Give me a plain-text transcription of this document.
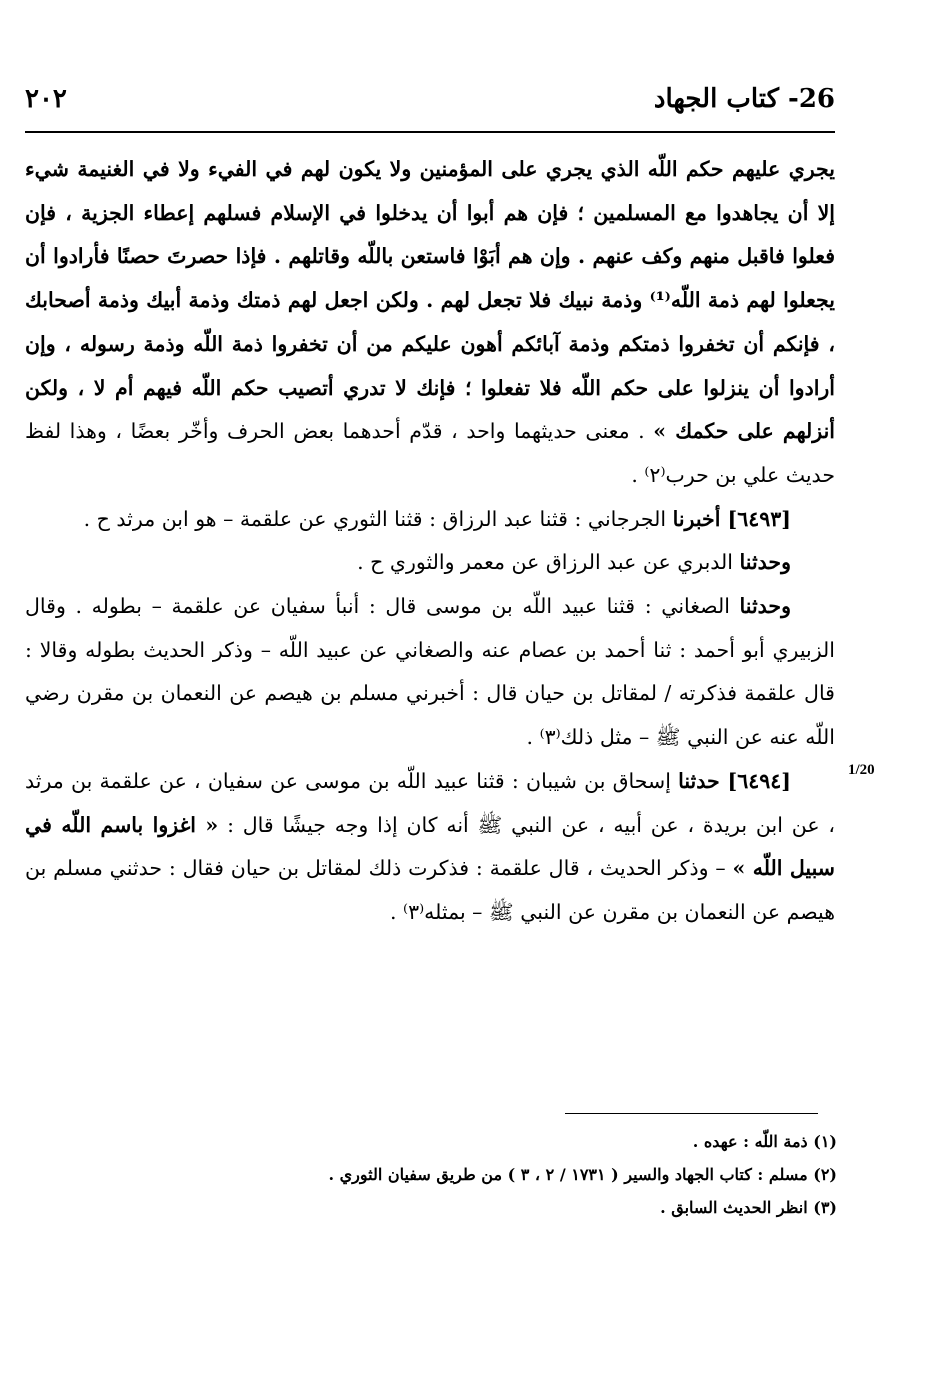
26- كتاب الجهاد
٢٠٢
1/20

يجري عليهم حكم اللّه الذي يجري على المؤمنين ولا يكون لهم في الفيء ولا في الغنيمة شيء إلا أن يجاهدوا مع المسلمين ؛ فإن هم أبوا أن يدخلوا في الإسلام فسلهم إعطاء الجزية ، فإن فعلوا فاقبل منهم وكف عنهم . وإن هم أبَوْا فاستعن باللّه وقاتلهم . فإذا حصرتَ حصنًا فأرادوا أن يجعلوا لهم ذمة اللّه⁽¹⁾ وذمة نبيك فلا تجعل لهم . ولكن اجعل لهم ذمتك وذمة أبيك وذمة أصحابك ، فإنكم أن تخفروا ذمتكم وذمة آبائكم أهون عليكم من أن تخفروا ذمة اللّه وذمة رسوله ، وإن أرادوا أن ينزلوا على حكم اللّه فلا تفعلوا ؛ فإنك لا تدري أتصيب حكم اللّه فيهم أم لا ، ولكن أنزلهم على حكمك » . معنى حديثهما واحد ، قدّم أحدهما بعض الحرف وأخّر بعضًا ، وهذا لفظ حديث علي بن حرب⁽٢⁾ .

[٦٤٩٣] أخبرنا الجرجاني : قثنا عبد الرزاق : قثنا الثوري عن علقمة – هو ابن مرثد ح .

وحدثنا الدبري عن عبد الرزاق عن معمر والثوري ح .

وحدثنا الصغاني : قثنا عبيد اللّه بن موسى قال : أنبأ سفيان عن علقمة – بطوله . وقال الزبيري أبو أحمد : ثنا أحمد بن عصام عنه والصغاني عن عبيد اللّه – وذكر الحديث بطوله وقالا : قال علقمة فذكرته / لمقاتل بن حيان قال : أخبرني مسلم بن هيصم عن النعمان بن مقرن رضي اللّه عنه عن النبي ﷺ – مثل ذلك⁽٣⁾ .

[٦٤٩٤] حدثنا إسحاق بن شيبان : قثنا عبيد اللّه بن موسى عن سفيان ، عن علقمة بن مرثد ، عن ابن بريدة ، عن أبيه ، عن النبي ﷺ أنه كان إذا وجه جيشًا قال : « اغزوا باسم اللّه في سبيل اللّه » – وذكر الحديث ، قال علقمة : فذكرت ذلك لمقاتل بن حيان فقال : حدثني مسلم بن هيصم عن النعمان بن مقرن عن النبي ﷺ – بمثله⁽٣⁾ .

(١) ذمة اللّه : عهده .

(٢) مسلم : كتاب الجهاد والسير ( ١٧٣١ / ٢ ، ٣ ) من طريق سفيان الثوري .

(٣) انظر الحديث السابق .
